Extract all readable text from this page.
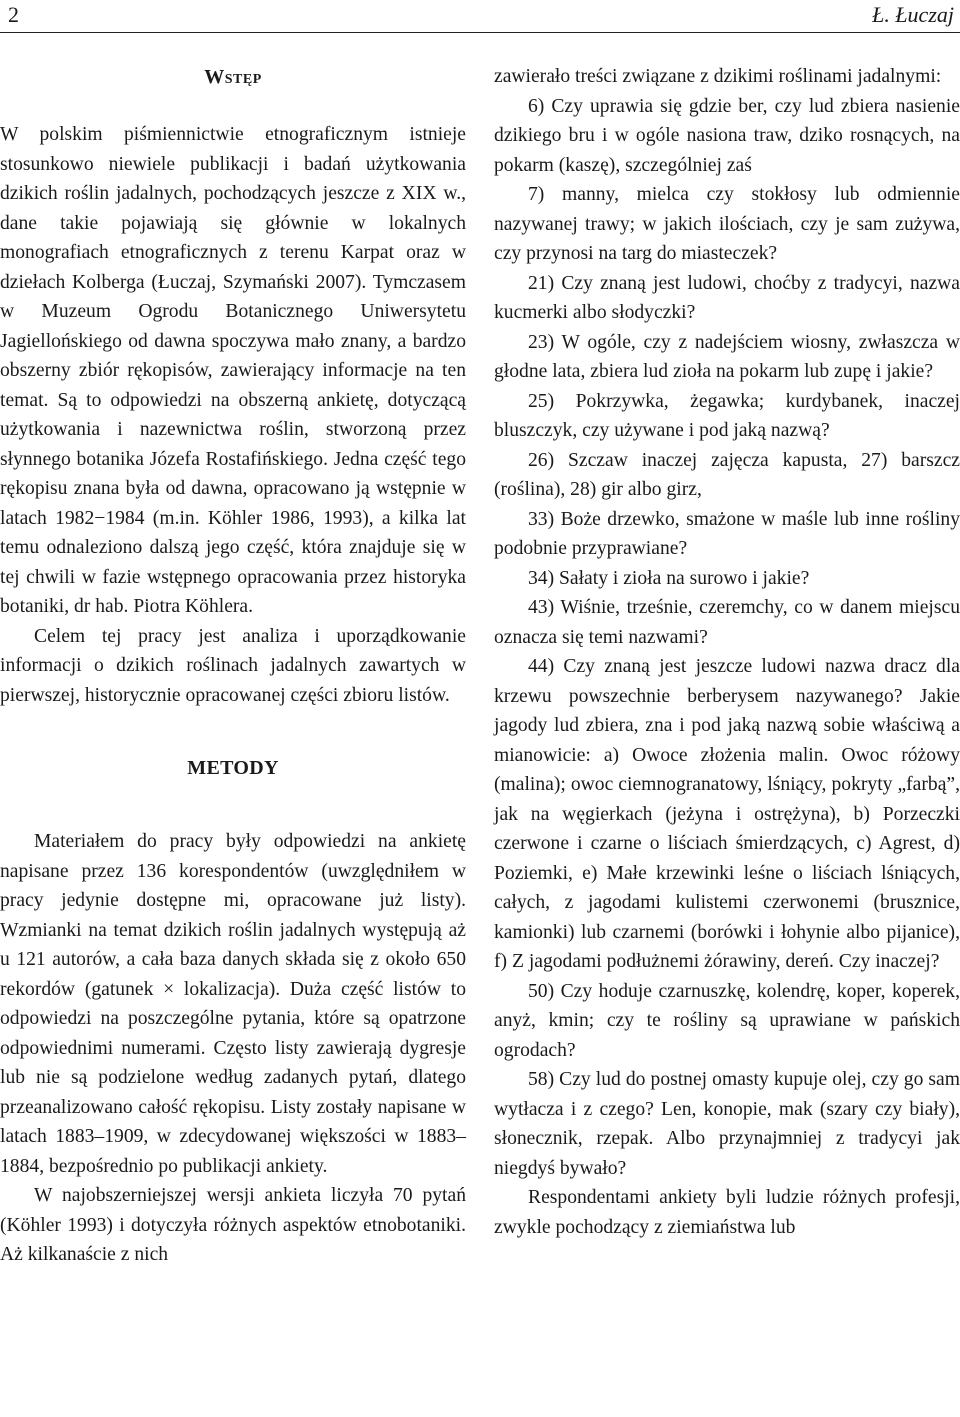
2	Ł. Łuczaj
Wstęp

W polskim piśmiennictwie etnograficznym istnieje stosunkowo niewiele publikacji i badań użytkowania dzikich roślin jadalnych, pochodzących jeszcze z XIX w., dane takie pojawiają się głównie w lokalnych monografiach etnograficznych z terenu Karpat oraz w dziełach Kolberga (Łuczaj, Szymański 2007). Tymczasem w Muzeum Ogrodu Botanicznego Uniwersytetu Jagiellońskiego od dawna spoczywa mało znany, a bardzo obszerny zbiór rękopisów, zawierający informacje na ten temat. Są to odpowiedzi na obszerną ankietę, dotyczącą użytkowania i nazewnictwa roślin, stworzoną przez słynnego botanika Józefa Rostafińskiego. Jedna część tego rękopisu znana była od dawna, opracowano ją wstępnie w latach 1982−1984 (m.in. Köhler 1986, 1993), a kilka lat temu odnaleziono dalszą jego część, która znajduje się w tej chwili w fazie wstępnego opracowania przez historyka botaniki, dr hab. Piotra Köhlera.

Celem tej pracy jest analiza i uporządkowanie informacji o dzikich roślinach jadalnych zawartych w pierwszej, historycznie opracowanej części zbioru listów.

METODY

Materiałem do pracy były odpowiedzi na ankietę napisane przez 136 korespondentów (uwzględniłem w pracy jedynie dostępne mi, opracowane już listy). Wzmianki na temat dzikich roślin jadalnych występują aż u 121 autorów, a cała baza danych składa się z około 650 rekordów (gatunek × lokalizacja). Duża część listów to odpowiedzi na poszczególne pytania, które są opatrzone odpowiednimi numerami. Często listy zawierają dygresje lub nie są podzielone według zadanych pytań, dlatego przeanalizowano całość rękopisu. Listy zostały napisane w latach 1883–1909, w zdecydowanej większości w 1883–1884, bezpośrednio po publikacji ankiety.

W najobszerniejszej wersji ankieta liczyła 70 pytań (Köhler 1993) i dotyczyła różnych aspektów etnobotaniki. Aż kilkanaście z nich

zawierało treści związane z dzikimi roślinami jadalnymi:

6) Czy uprawia się gdzie ber, czy lud zbiera nasienie dzikiego bru i w ogóle nasiona traw, dziko rosnących, na pokarm (kaszę), szczególniej zaś

7) manny, mielca czy stokłosy lub odmiennie nazywanej trawy; w jakich ilościach, czy je sam zużywa, czy przynosi na targ do miasteczek?

21) Czy znaną jest ludowi, choćby z tradycyi, nazwa kucmerki albo słodyczki?

23) W ogóle, czy z nadejściem wiosny, zwłaszcza w głodne lata, zbiera lud zioła na pokarm lub zupę i jakie?

25) Pokrzywka, żegawka; kurdybanek, inaczej bluszczyk, czy używane i pod jaką nazwą?

26) Szczaw inaczej zajęcza kapusta, 27) barszcz (roślina), 28) gir albo girz,

33) Boże drzewko, smażone w maśle lub inne rośliny podobnie przyprawiane?

34) Sałaty i zioła na surowo i jakie?

43) Wiśnie, trześnie, czeremchy, co w danem miejscu oznacza się temi nazwami?

44) Czy znaną jest jeszcze ludowi nazwa dracz dla krzewu powszechnie berberysem nazywanego? Jakie jagody lud zbiera, zna i pod jaką nazwą sobie właściwą a mianowicie: a) Owoce złożenia malin. Owoc różowy (malina); owoc ciemnogranatowy, lśniący, pokryty „farbą”, jak na węgierkach (jeżyna i ostrężyna), b) Porzeczki czerwone i czarne o liściach śmierdzących, c) Agrest, d) Poziemki, e) Małe krzewinki leśne o liściach lśniących, całych, z jagodami kulistemi czerwonemi (brusznice, kamionki) lub czarnemi (borówki i łohynie albo pijanice), f) Z jagodami podłużnemi żórawiny, dereń. Czy inaczej?

50) Czy hoduje czarnuszkę, kolendrę, koper, koperek, anyż, kmin; czy te rośliny są uprawiane w pańskich ogrodach?

58) Czy lud do postnej omasty kupuje olej, czy go sam wytłacza i z czego? Len, konopie, mak (szary czy biały), słonecznik, rzepak. Albo przynajmniej z tradycyi jak niegdyś bywało?

Respondentami ankiety byli ludzie różnych profesji, zwykle pochodzący z ziemiaństwa lub
